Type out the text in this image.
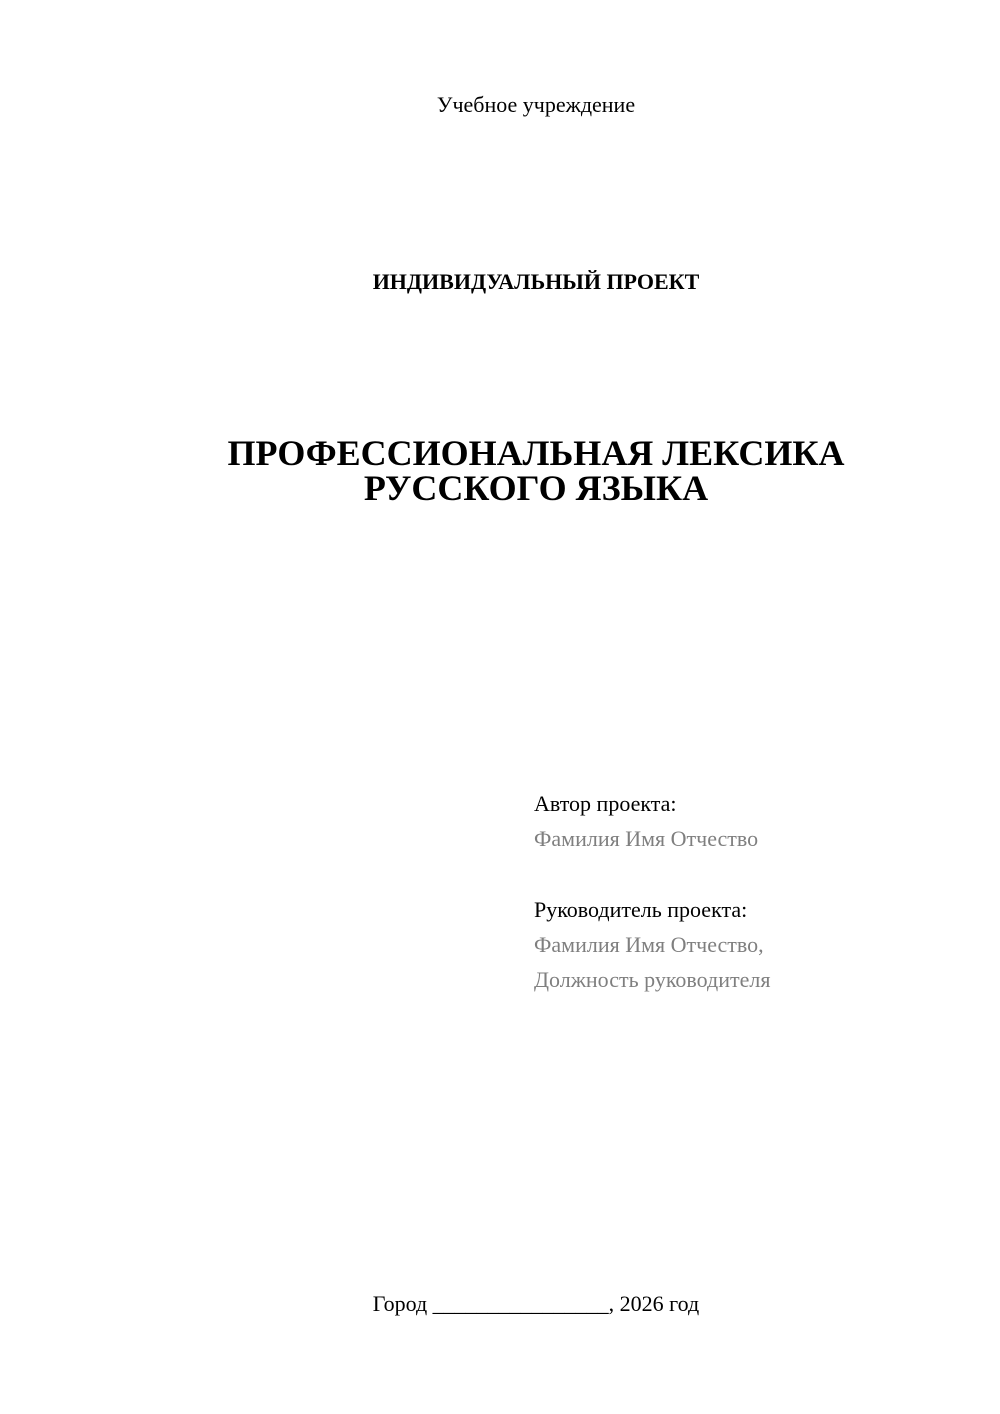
Учебное учреждение
ИНДИВИДУАЛЬНЫЙ ПРОЕКТ
ПРОФЕССИОНАЛЬНАЯ ЛЕКСИКА
РУССКОГО ЯЗЫКА
Автор проекта:
Фамилия Имя Отчество
Руководитель проекта:
Фамилия Имя Отчество,
Должность руководителя
Город ________________, 2026 год
